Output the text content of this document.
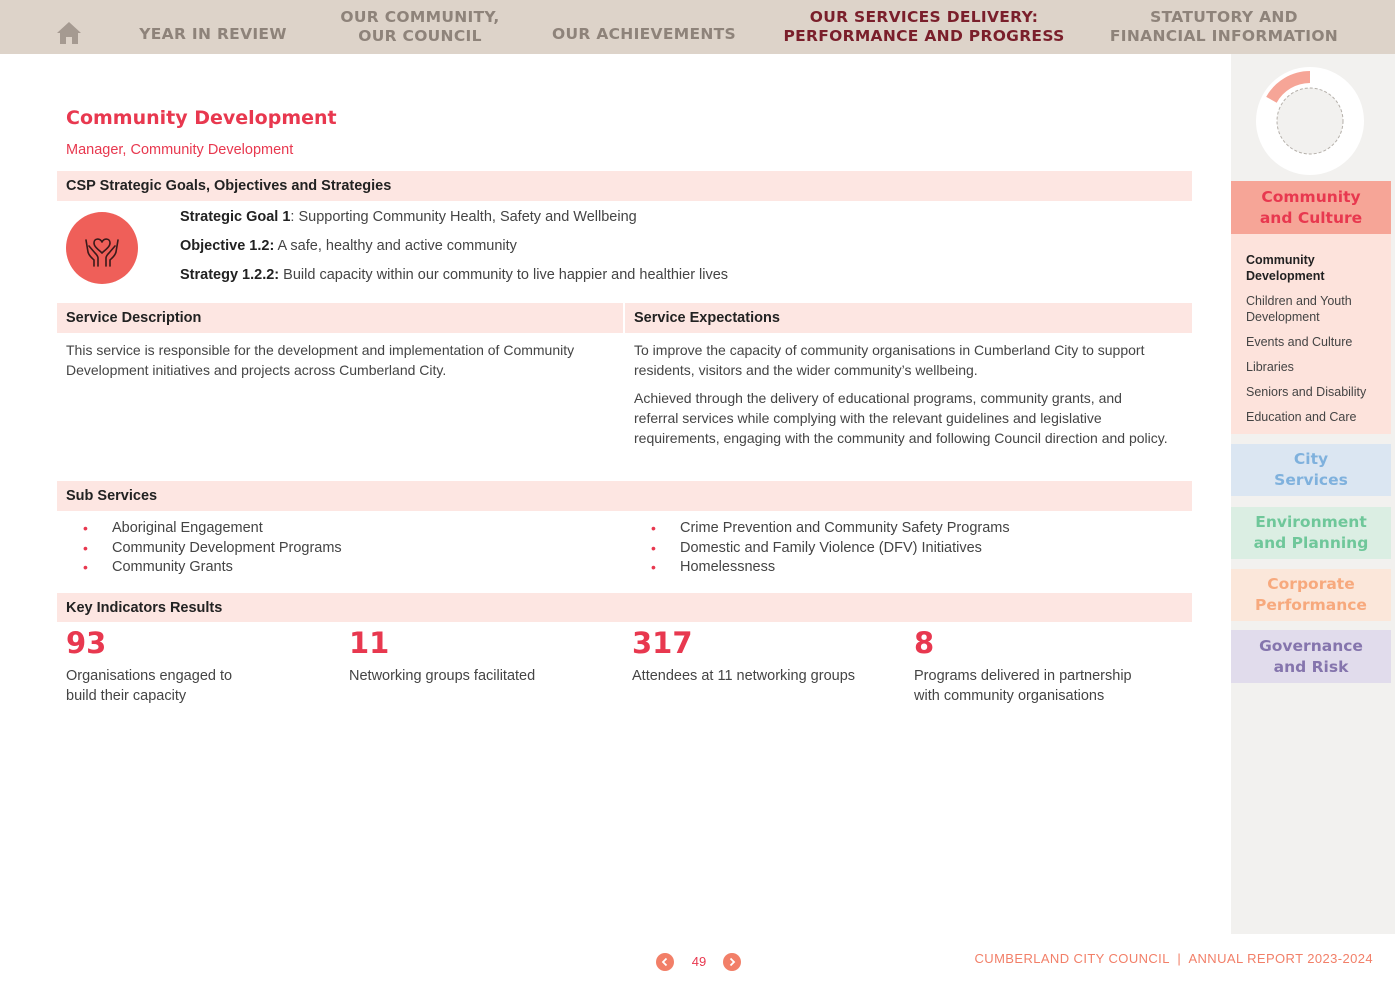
YEAR IN REVIEW
OUR COMMUNITY,
OUR COUNCIL	OUR ACHIEVEMENTS
OUR SERVICES DELIVERY:
PERFORMANCE AND PROGRESS
STATUTORY AND
FINANCIAL INFORMATION
Community
and Culture
Community Development
Children and Youth Development
Events and Culture
Libraries
Seniors and Disability
Education and Care
City
Services
Environment
and Planning
Corporate
Performance
Governance
and Risk
Community Development
Manager, Community Development
CSP Strategic Goals, Objectives and Strategies
Strategic Goal 1: Supporting Community Health, Safety and Wellbeing
Objective 1.2: A safe, healthy and active community
Strategy 1.2.2: Build capacity within our community to live happier and healthier lives
Service Description	Service Expectations
This service is responsible for the development and implementation of Community Development initiatives and projects across Cumberland City.
To improve the capacity of community organisations in Cumberland City to support residents, visitors and the wider community’s wellbeing.
Achieved through the delivery of educational programs, community grants, and referral services while complying with the relevant guidelines and legislative requirements, engaging with the community and following Council direction and policy.
Sub Services
• Aboriginal Engagement
• Community Development Programs
• Community Grants
• Crime Prevention and Community Safety Programs
• Domestic and Family Violence (DFV) Initiatives
• Homelessness
Key Indicators Results
93
Organisations engaged to
build their capacity
11
Networking groups facilitated
317
Attendees at 11 networking groups
8
Programs delivered in partnership
with community organisations
49	CUMBERLAND CITY COUNCIL  |  ANNUAL REPORT 2023-2024
